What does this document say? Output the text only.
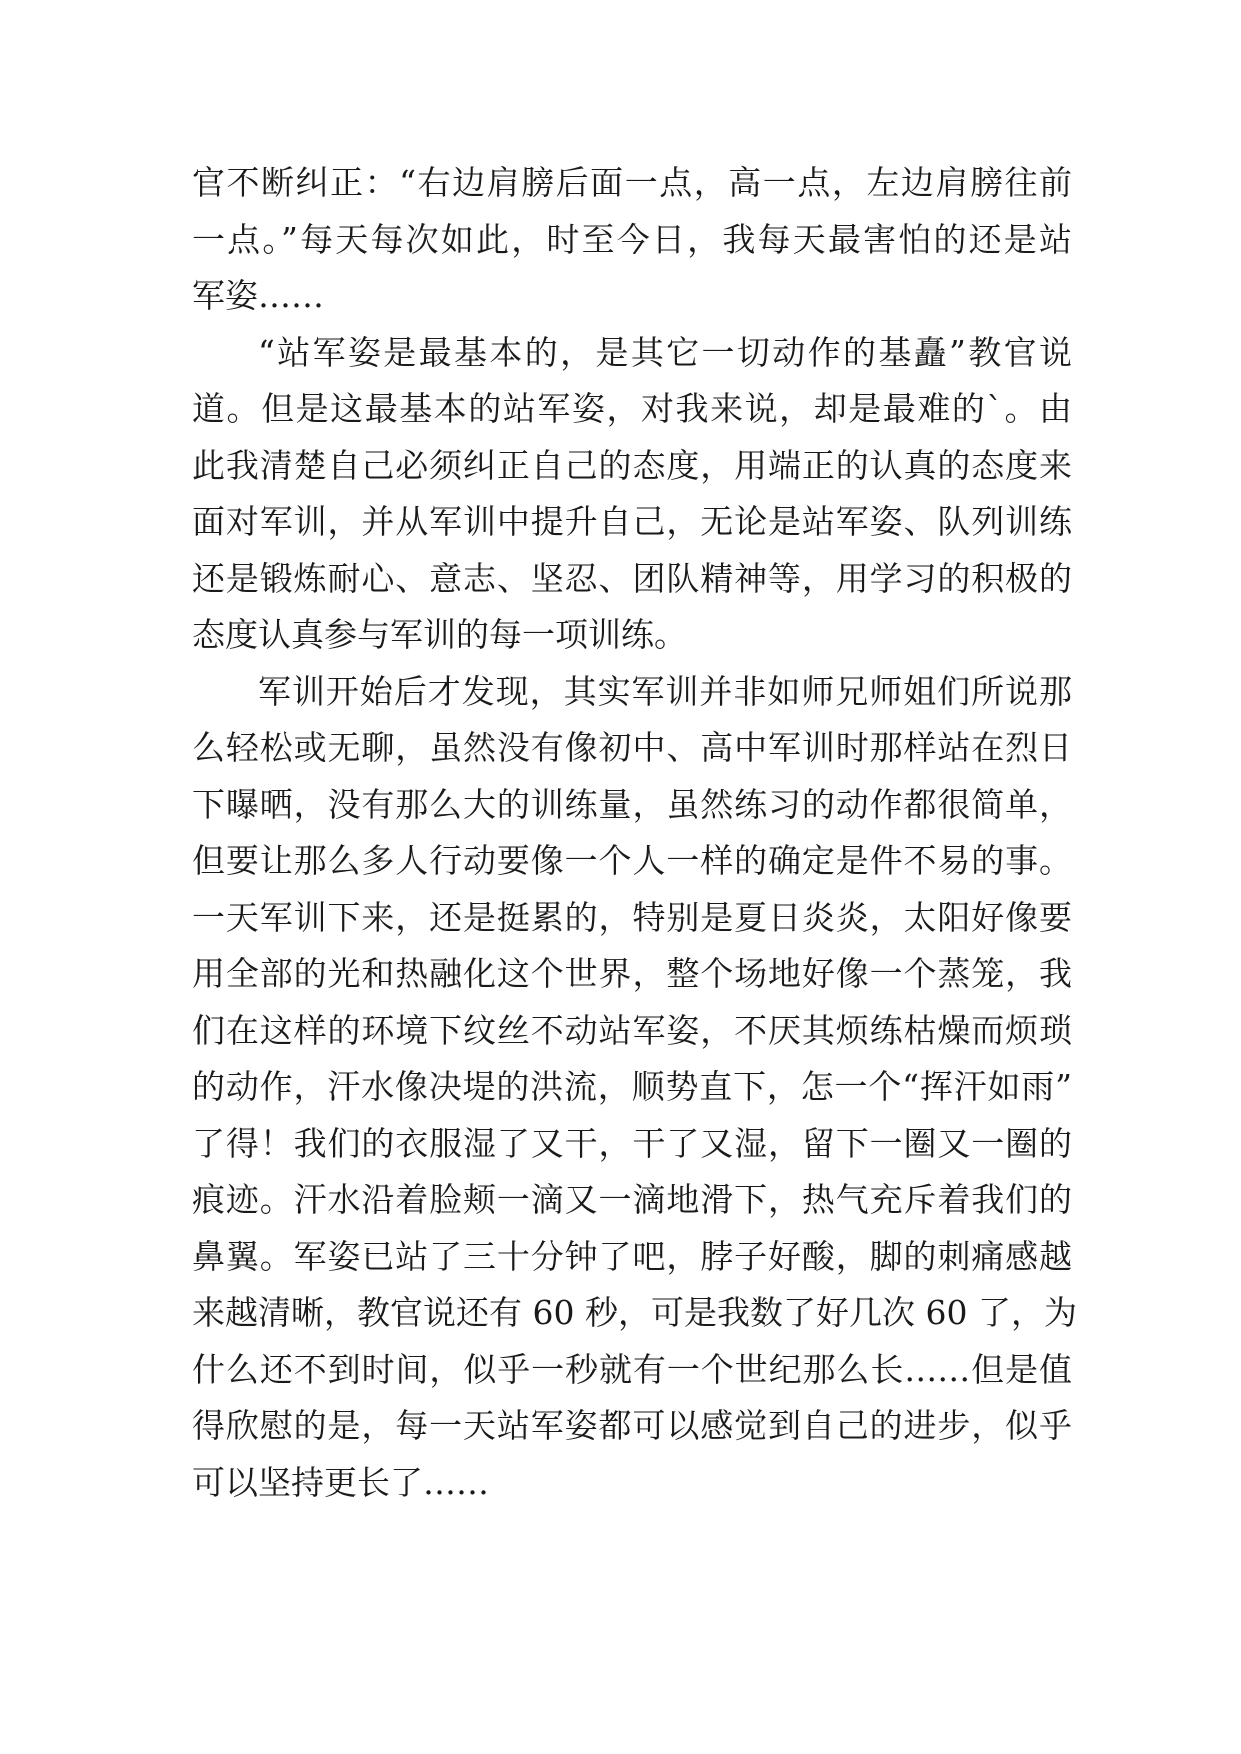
官不断纠正：“右边肩膀后面一点，高一点，左边肩膀往前
一点。”每天每次如此，时至今日，我每天最害怕的还是站
军姿……
“站军姿是最基本的，是其它一切动作的基矗”教官说
道。但是这最基本的站军姿，对我来说，却是最难的`。由
此我清楚自己必须纠正自己的态度，用端正的认真的态度来
面对军训，并从军训中提升自己，无论是站军姿、队列训练
还是锻炼耐心、意志、坚忍、团队精神等，用学习的积极的
态度认真参与军训的每一项训练。
军训开始后才发现，其实军训并非如师兄师姐们所说那
么轻松或无聊，虽然没有像初中、高中军训时那样站在烈日
下曝晒，没有那么大的训练量，虽然练习的动作都很简单，
但要让那么多人行动要像一个人一样的确定是件不易的事。
一天军训下来，还是挺累的，特别是夏日炎炎，太阳好像要
用全部的光和热融化这个世界，整个场地好像一个蒸笼，我
们在这样的环境下纹丝不动站军姿，不厌其烦练枯燥而烦琐
的动作，汗水像决堤的洪流，顺势直下，怎一个“挥汗如雨”
了得！我们的衣服湿了又干，干了又湿，留下一圈又一圈的
痕迹。汗水沿着脸颊一滴又一滴地滑下，热气充斥着我们的
鼻翼。军姿已站了三十分钟了吧，脖子好酸，脚的刺痛感越
来越清晰，教官说还有 60 秒，可是我数了好几次 60 了，为
什么还不到时间，似乎一秒就有一个世纪那么长……但是值
得欣慰的是，每一天站军姿都可以感觉到自己的进步，似乎
可以坚持更长了……
